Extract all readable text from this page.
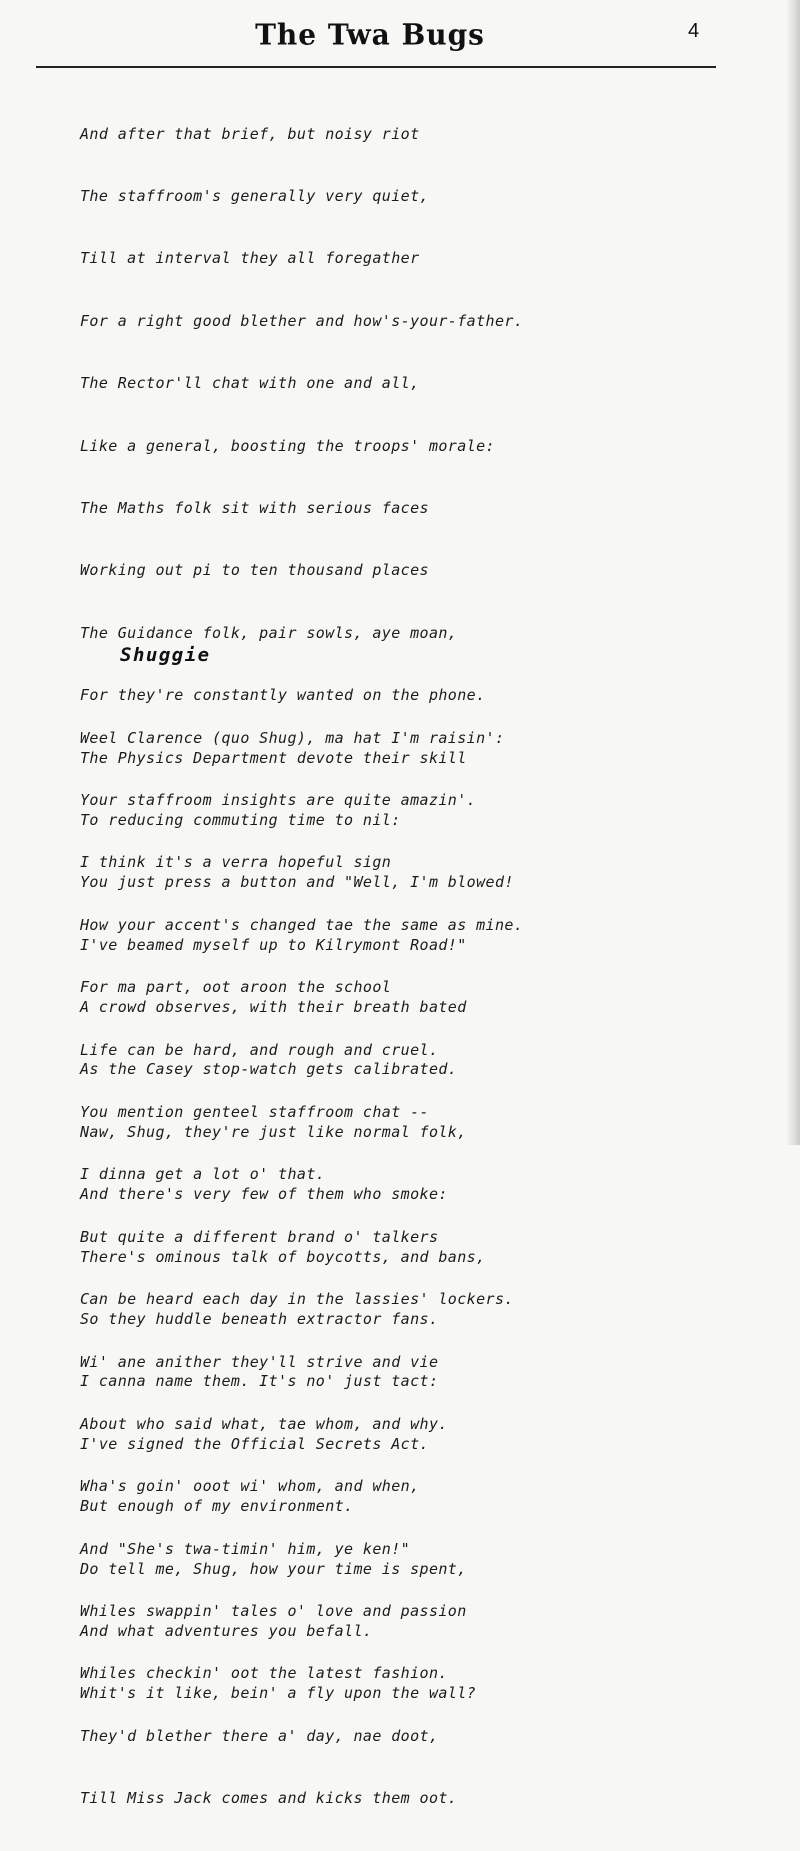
The Twa Bugs	4

And after that brief, but noisy riot

The staffroom's generally very quiet,

Till at interval they all foregather

For a right good blether and how's-your-father.

The Rector'll chat with one and all,

Like a general, boosting the troops' morale:

The Maths folk sit with serious faces

Working out pi to ten thousand places

The Guidance folk, pair sowls, aye moan,

For they're constantly wanted on the phone.

The Physics Department devote their skill

To reducing commuting time to nil:

You just press a button and "Well, I'm blowed!

I've beamed myself up to Kilrymont Road!"

A crowd observes, with their breath bated

As the Casey stop-watch gets calibrated.

Naw, Shug, they're just like normal folk,

And there's very few of them who smoke:

There's ominous talk of boycotts, and bans,

So they huddle beneath extractor fans.

I canna name them. It's no' just tact:

I've signed the Official Secrets Act.

But enough of my environment.

Do tell me, Shug, how your time is spent,

And what adventures you befall.

Whit's it like, bein' a fly upon the wall?

Shuggie

Weel Clarence (quo Shug), ma hat I'm raisin':

Your staffroom insights are quite amazin'.

I think it's a verra hopeful sign

How your accent's changed tae the same as mine.

For ma part, oot aroon the school

Life can be hard, and rough and cruel.

You mention genteel staffroom chat --

I dinna get a lot o' that.

But quite a different brand o' talkers

Can be heard each day in the lassies' lockers.

Wi' ane anither they'll strive and vie

About who said what, tae whom, and why.

Wha's goin' ooot wi' whom, and when,

And "She's twa-timin' him, ye ken!"

Whiles swappin' tales o' love and passion

Whiles checkin' oot the latest fashion.

They'd blether there a' day, nae doot,

Till Miss Jack comes and kicks them oot.
